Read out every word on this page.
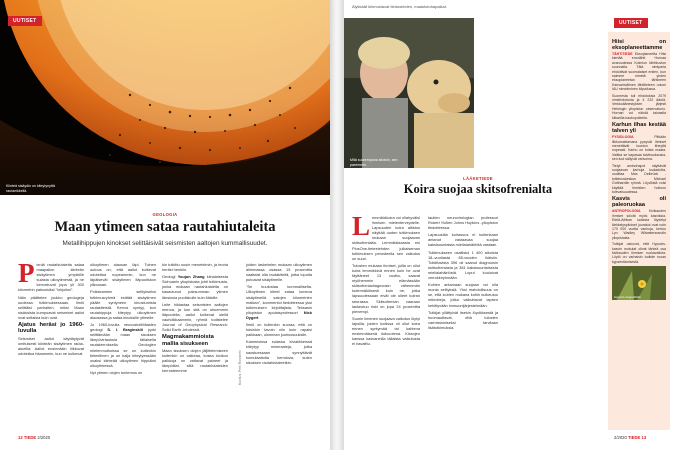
Kiinteä sisäydin on kiteytynyttä rautanikkeliä.
UUTISET
GEOLOGIA
Maan ytimeen sataa rautahiutaleita
Metallihippujen kinokset selittäisivät seismisten aaltojen kummallisuudet.
P ieniä rautahiutaleita sataa maapallon kiinteän sisäytimen ympärille sulasta ulkoytimestä, ja ne kerrostuvat jopa yli 300 kilometrin paksuisiksi "lohjoiksi".

Näin päättelee joukko geologeja uudessa tutkimuksessaan. Ilmiö selittäisi parhaiten, miksi Maan sisäosista kumpuavat seismiset aallot ovat sellaisia kuin ovat.

Ajatus heräsi jo 1960-luvulla

Seismiset aallot käyttäytyvät omituisesti kiinteän sisäytimen rauta-alueilla. Aallot ensinnäkin liikkuvat odotettua hitaammin, kun ne kulkevat

ulkoytimen alaosan läpi. Toinen outous on, että aallot kulkevat odotettua nopeammin, kun ne läpäisevät sisäytimen itäpuoliskon ylikoosan.

Poikkeamien selitykseksi tutkimusryhmä esittää sisäytimen päälle syntyneen kinostumista rautakiteistä. Kerros syntyy, kun rautahippuja kiteytyy ulkoytimen alaosassa ja sataa kinoksille ytimelle.

Jo 1960-luvulla neuvostotiföliaiden geologi S. I. Braginskiii pyrki selittämään maan sisuksen lämpövirtauksia tällaisella rautakerroksella. Geologien mielenmutkoissa se on kuitenkin tieteellinen ja on kalja kiteytyessään osaksi kiinteää ulkoytimen hippuiksi ulkoytimessä.

Nyt ytimen olojen tuntemus on

kin tutkittu uusin menetelmin, ja teoria heräsi henkiin.

Geologi Youjun Zhang kiinalaisesta Sichuanin yliopistosta johti tutkimusta, jonka mukaan rautahiutaleita on kasautunut paksumman ytimen länsiosia puoliskolle kuin itäisille.

Leite hiidastaa seismisten aaltojen menoa, ja kun sitä on ohuemmin itäpuolella, aallot kulkevat siellä vauhdikkaammin, ryhmä todistelee Journal of Geophysical Research: Solid Earth -lehdessä.

Magmakammioista mallia sisukseen

Maan sisuksen olojen jäljittelemiseen kuitenkin on vaikeaa, koska kivikun paikkoja on valtavat paineet ja lämpötilat, sillä rautahiutaleiden kerrosteemme	Kuvitus: Petri Rossinen

joiden laskelmien mukaan ulkoytimen alimmassa osassa 15 prosenttia saattaisi olla rautakiteitä, jotka lopulta putoavat sisäytimelle.

"Se kuulostaa kummalliselta. Ulkoytimen kiteet sataa lumena sisäytimellä satojen kilometrien matkan", kommentoi tiedotteessa yksi tutkimuksen kirjoittajista, Teksasin yliopiston apulaisprofessori Nick Dygert

Ilmiö on kuitenkin suoraa, että on toisinkin tavoin niin kuin rapaisi paikkaan, ulomman juurisosuuksiin.

Kammioissa sulassa kivialikkeissä kiteytyy mineraaleja, jotka saostuessaan synnyttävät kumulaatioita kerroksia, kuten sisuksen rautahiutaleetkin.

12 TIEDE 2/2020
Älykkäät kiinnostavat tiedusteiden, maastotuhapaikat.
UUTISET
Mitä suurempana sitoisin, sen paremmin.
LÄÄKETIEDE
Koira suojaa skitsofrenialta
L emmikkikoira voi ollahyvälsi ihmisen mielenterveydelle. Lapsuuden koira altistus näyttää uuden tutkimuksen mukaan suojaavan skitsofrenialta. Lemmikkisaasta esi PlosOne-tieteelehden julkaiseman tutkimuksen perusteella sen vaikutus on suuri.

Tulosten mukaan ihmiset, joilla on ollut koira lemmikkinä ennen kuin he ovat täyttäneet 13 vuotta, saavat myöhemmin elämässään skitsofreniadiagnoosin vähemmän todennäköisesti kuin ne, jotka lapsuudessaan eivät ole olleet koiran seurassa. Skitsofrenian vaaraan laskeutuu riski on jopa 24 prosenttia pienempi.

Suurin ilmenen suojaava vaikutus löytyi lapsilla, joiden kodissa oli ollut koira ennen syntymää tai kahtena ensimmäisenä ikävuotena. Kissojen kanssa kasvaneilla tällaista vaikutusta ei havaittu.

tautien neurovirologian professori Robert Yolken Johns Hopkins -yliopiston tiedotteessa.

Lapsuusiän koirasuus ei kuitenkaan antanut vastaavaa suojaa kaksisuuntaista mielialahäiriötä vastaan.

Tutkimukseen osallistui 1 400 aikuista 18–vuotiasta 65-vuoden ikäisiin. Tutkittavista 396 oli saanut diagnoosin skitsofreniasta ja 381 kaksisuuntaisesta mielialahäiriöstä. Loput kuuluivat verrokkiryhmään.

Koirien antamaan suojaan voi olla monia selityksiä. Yksi mahdollisuus on se, että koirien mukana kotiin kulkeutuu mikrobeja, jotka vaikuttavat lapsen kehittyvään immuunijärjestelmään.

Tutkijat yllättyivät itsekin löydöksestä ja huomauttavat, että tulosten varmistamiseksi tarvitaan lisätutkimuksia.

Hiisi on eksoplaneettamme

TÄHTITIEDE Eksoplaneetta Hiisi kiertää emotähti Hornaa avaruudessa Kolmion tähtikuvion suunnalla. Tätä nimiparia ehdottivat suomalaiset eniten, kun saimme nimetä yhden eksoplaneetan tähtineen Kansainvälinen tähtitieteen unioni IAU nimeäminen kilpailussa.

Suomesta tuli ehdotuksia 2079 nimiehdotusta ja 4 232 ääntä. Verkkoäänestyksen järjesti Helsingin yliopiston observatorio. Hornan voi nähdä taivaalla kiikarilla kaukoputkella.

Karhun ilhas kestää talven yli

FYSIOLOGIA	Pitkään liikkumattomana pysyvät ihmiset menettävät luuston tiheyttä nopeasti. Karhu on toista maata. Vaikka se kapasaa talvikuukausia, sen luut säilyvät vahvoina.

Tietyt aminohapot näyttävät suojaavan karhuja luukadolta, osoittaa Max Delbrück -tutkimuskeskus Michael Gotthardtin ryhmä. Löydöstä voisi käyttää ihmisten hoitoon tulevaisuudessa.

Kasvis oli paleoruokaa

ANTROPOLOGIA Kivikauden ihmiset söivät myös kasviksia. Etelä-Afrikan luolasta löydetyt tärkkelyspitoiset juurakot ovat noin 170 000 vuotta vanhoja, kertoo Lyn Wadley Witwatersrandin yliopistosta.

Tutkijat uskovat, että Hypoxis-kasvin mukulat olivat tärkeä osa kivikauden ihmisen ruokavaliota. Löytö on varhaisin todiste ruoan kypsentämisestä.

Hypoxis angustifolia
2/2020 TIEDE 13
